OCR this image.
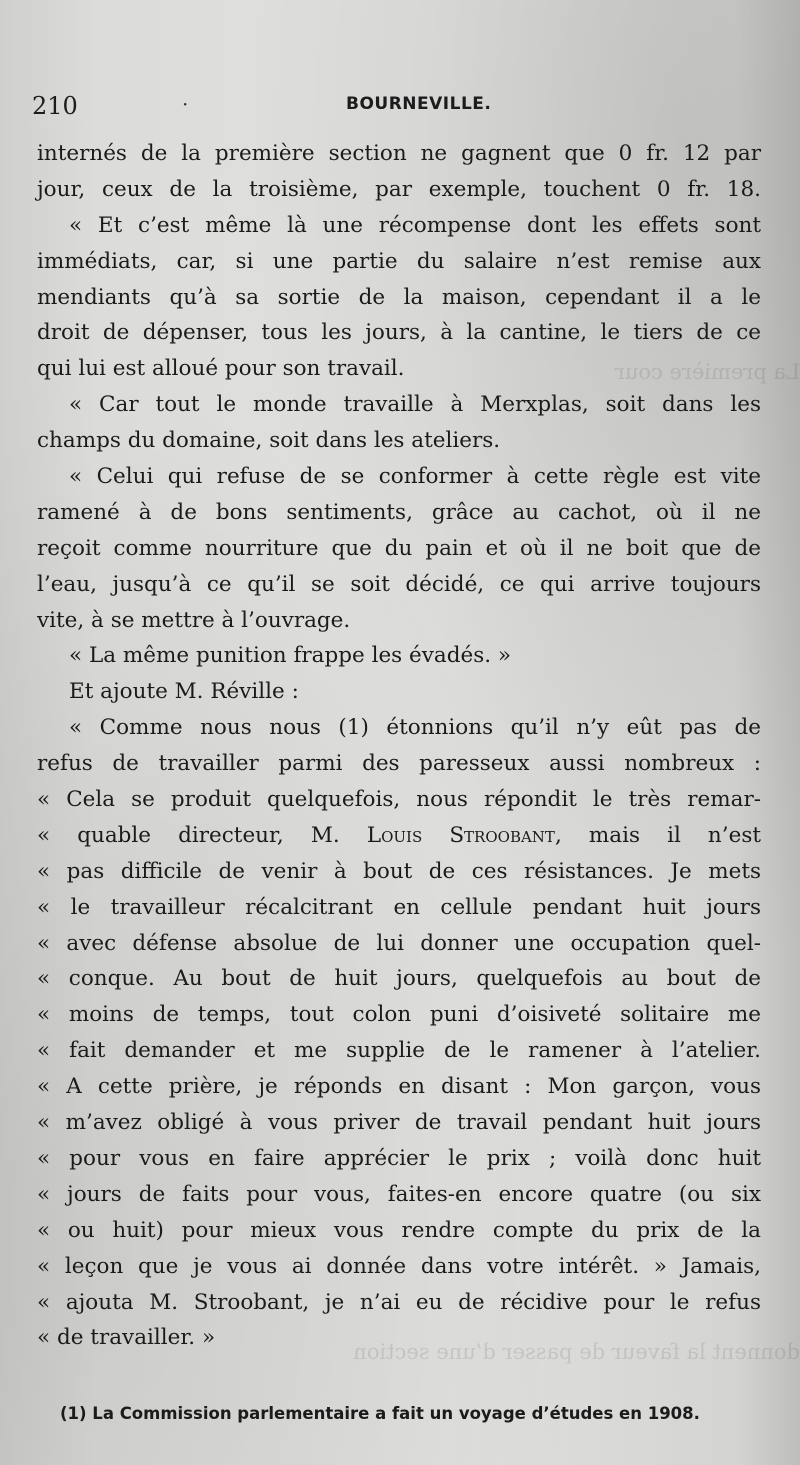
La première cour
donnent la faveur de passer d’une section
210	·	BOURNEVILLE.
internés de la première section ne gagnent que 0 fr. 12 par
jour, ceux de la troisième, par exemple, touchent 0 fr. 18.
« Et c’est même là une récompense dont les effets sont
immédiats, car, si une partie du salaire n’est remise aux
mendiants qu’à sa sortie de la maison, cependant il a le
droit de dépenser, tous les jours, à la cantine, le tiers de ce
qui lui est alloué pour son travail.
« Car tout le monde travaille à Merxplas, soit dans les
champs du domaine, soit dans les ateliers.
« Celui qui refuse de se conformer à cette règle est vite
ramené à de bons sentiments, grâce au cachot, où il ne
reçoit comme nourriture que du pain et où il ne boit que de
l’eau, jusqu’à ce qu’il se soit décidé, ce qui arrive toujours
vite, à se mettre à l’ouvrage.
« La même punition frappe les évadés. »
Et ajoute M. Réville :
« Comme nous nous (1) étonnions qu’il n’y eût pas de
refus de travailler parmi des paresseux aussi nombreux :
« Cela se produit quelquefois, nous répondit le très remar-
« quable directeur, M. Louis Stroobant, mais il n’est
« pas difficile de venir à bout de ces résistances. Je mets
« le travailleur récalcitrant en cellule pendant huit jours
« avec défense absolue de lui donner une occupation quel-
« conque. Au bout de huit jours, quelquefois au bout de
« moins de temps, tout colon puni d’oisiveté solitaire me
« fait demander et me supplie de le ramener à l’atelier.
« A cette prière, je réponds en disant : Mon garçon, vous
« m’avez obligé à vous priver de travail pendant huit jours
« pour vous en faire apprécier le prix ; voilà donc huit
« jours de faits pour vous, faites-en encore quatre (ou six
« ou huit) pour mieux vous rendre compte du prix de la
« leçon que je vous ai donnée dans votre intérêt. » Jamais,
« ajouta M. Stroobant, je n’ai eu de récidive pour le refus
« de travailler. »
(1) La Commission parlementaire a fait un voyage d’études en 1908.
